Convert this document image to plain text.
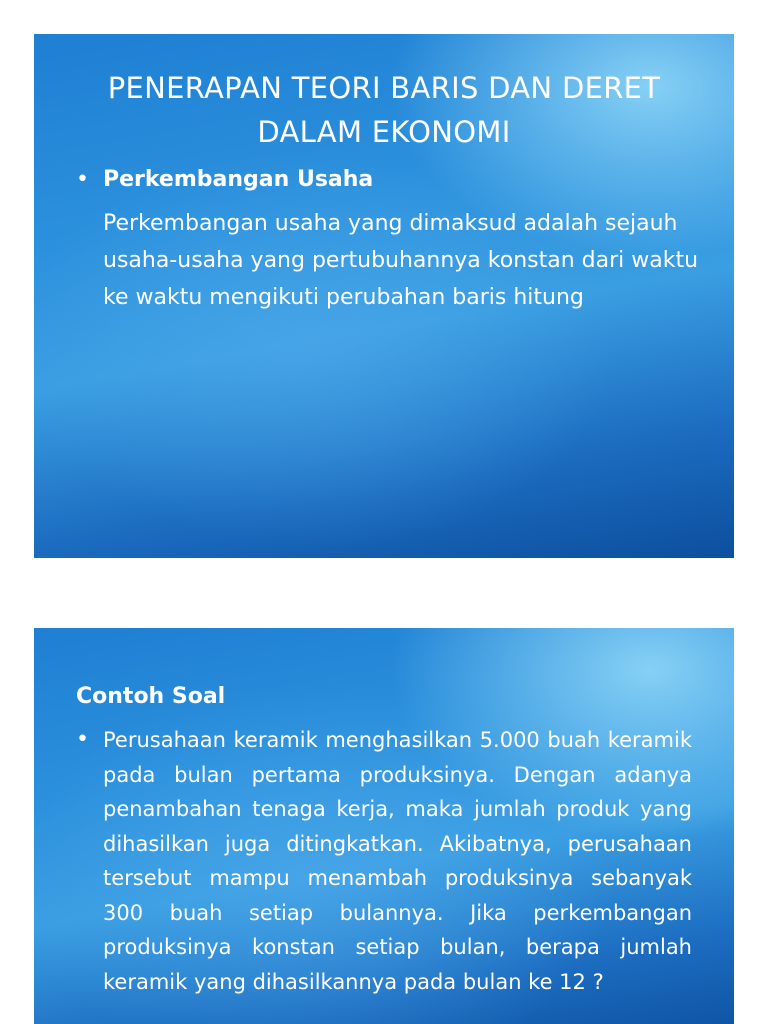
PENERAPAN TEORI BARIS DAN DERET DALAM EKONOMI
• Perkembangan Usaha

Perkembangan usaha yang dimaksud adalah sejauh usaha-usaha yang pertubuhannya konstan dari waktu ke waktu mengikuti perubahan baris hitung

Contoh Soal
• Perusahaan keramik menghasilkan 5.000 buah keramik pada bulan pertama produksinya. Dengan adanya penambahan tenaga kerja, maka jumlah produk yang dihasilkan juga ditingkatkan. Akibatnya, perusahaan tersebut mampu menambah produksinya sebanyak 300 buah setiap bulannya. Jika perkembangan produksinya konstan setiap bulan, berapa jumlah keramik yang dihasilkannya pada bulan ke 12 ?
